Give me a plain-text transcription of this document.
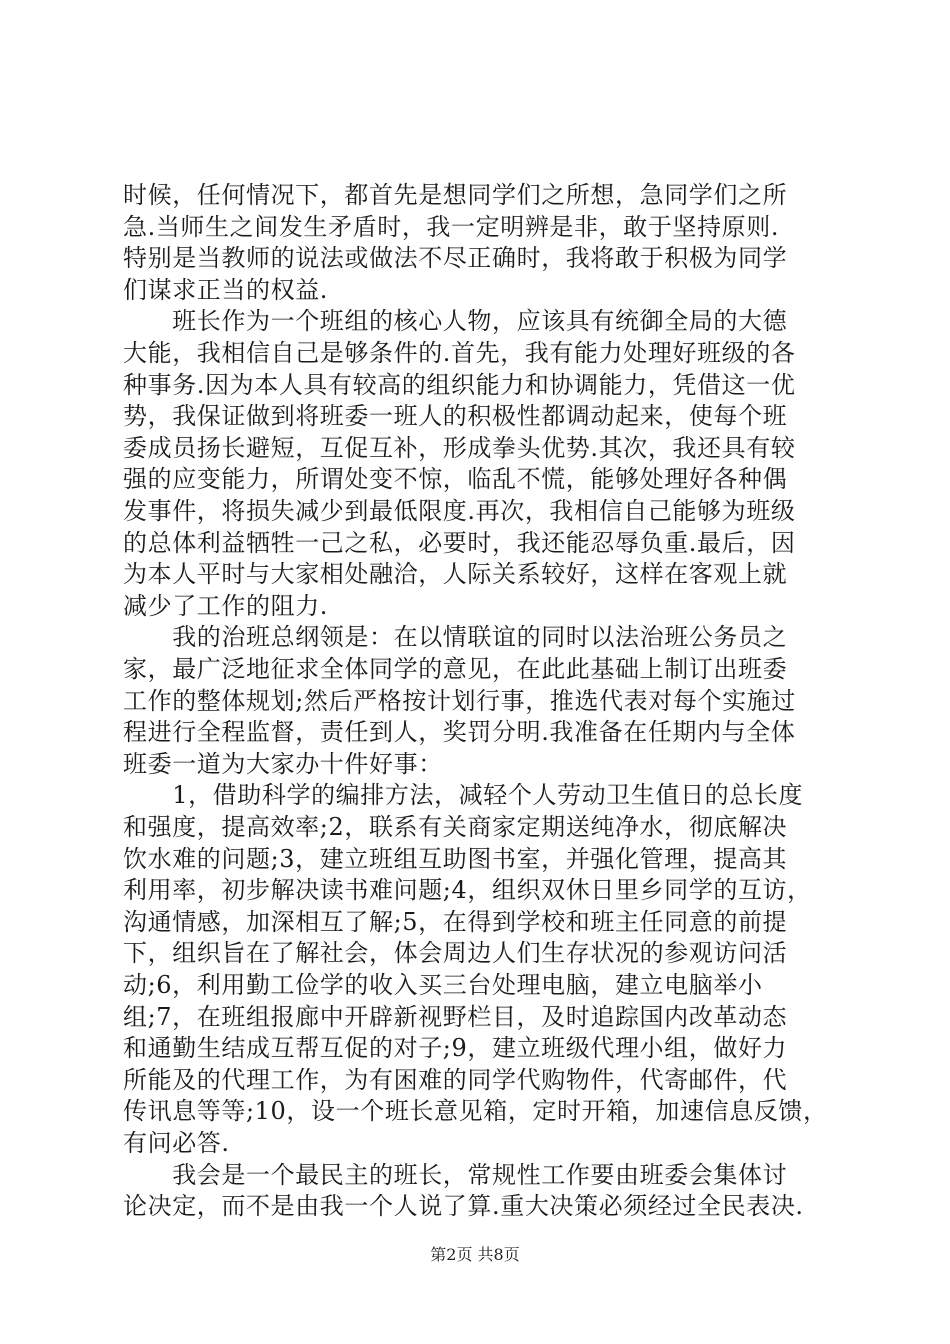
时候，任何情况下，都首先是想同学们之所想，急同学们之所
急.当师生之间发生矛盾时，我一定明辨是非，敢于坚持原则.
特别是当教师的说法或做法不尽正确时，我将敢于积极为同学
们谋求正当的权益.
　　班长作为一个班组的核心人物，应该具有统御全局的大德
大能，我相信自己是够条件的.首先，我有能力处理好班级的各
种事务.因为本人具有较高的组织能力和协调能力，凭借这一优
势，我保证做到将班委一班人的积极性都调动起来，使每个班
委成员扬长避短，互促互补，形成拳头优势.其次，我还具有较
强的应变能力，所谓处变不惊，临乱不慌，能够处理好各种偶
发事件，将损失减少到最低限度.再次，我相信自己能够为班级
的总体利益牺牲一己之私，必要时，我还能忍辱负重.最后，因
为本人平时与大家相处融洽，人际关系较好，这样在客观上就
减少了工作的阻力.
　　我的治班总纲领是：在以情联谊的同时以法治班公务员之
家，最广泛地征求全体同学的意见，在此此基础上制订出班委
工作的整体规划;然后严格按计划行事，推选代表对每个实施过
程进行全程监督，责任到人，奖罚分明.我准备在任期内与全体
班委一道为大家办十件好事：
　　1，借助科学的编排方法，减轻个人劳动卫生值日的总长度
和强度，提高效率;2，联系有关商家定期送纯净水，彻底解决
饮水难的问题;3，建立班组互助图书室，并强化管理，提高其
利用率，初步解决读书难问题;4，组织双休日里乡同学的互访，
沟通情感，加深相互了解;5，在得到学校和班主任同意的前提
下，组织旨在了解社会，体会周边人们生存状况的参观访问活
动;6，利用勤工俭学的收入买三台处理电脑，建立电脑举小
组;7，在班组报廊中开辟新视野栏目，及时追踪国内改革动态
和通勤生结成互帮互促的对子;9，建立班级代理小组，做好力
所能及的代理工作，为有困难的同学代购物件，代寄邮件，代
传讯息等等;10，设一个班长意见箱，定时开箱，加速信息反馈，
有问必答.
　　我会是一个最民主的班长，常规性工作要由班委会集体讨
论决定，而不是由我一个人说了算.重大决策必须经过全民表决.
第2页 共8页
